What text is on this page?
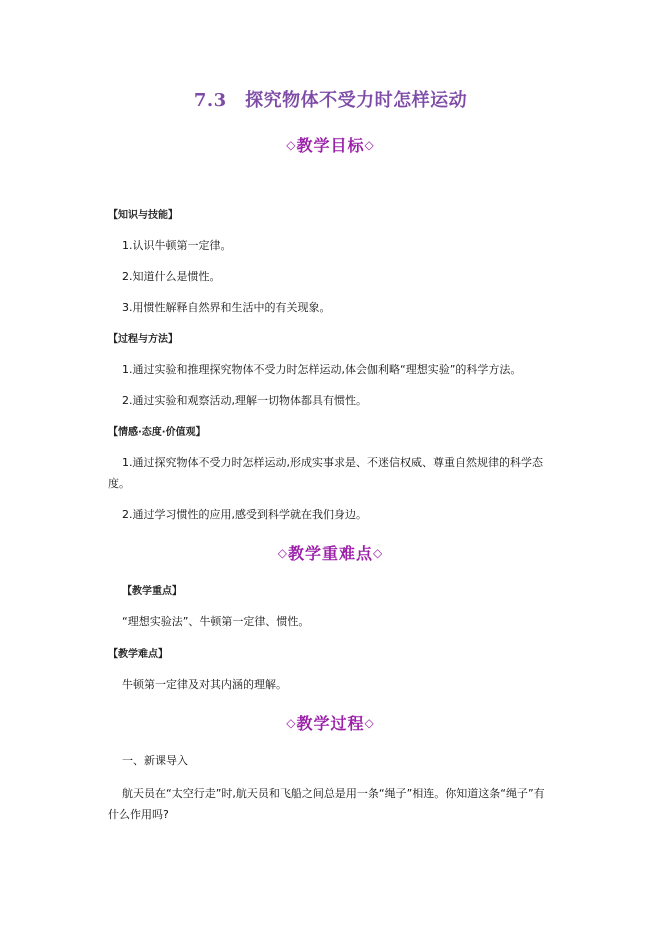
7.3　探究物体不受力时怎样运动
◇教学目标◇
【知识与技能】
1.认识牛顿第一定律。
2.知道什么是惯性。
3.用惯性解释自然界和生活中的有关现象。
【过程与方法】
1.通过实验和推理探究物体不受力时怎样运动,体会伽利略“理想实验”的科学方法。
2.通过实验和观察活动,理解一切物体都具有惯性。
【情感·态度·价值观】
1.通过探究物体不受力时怎样运动,形成实事求是、不迷信权威、尊重自然规律的科学态
度。
2.通过学习惯性的应用,感受到科学就在我们身边。
◇教学重难点◇
【教学重点】
“理想实验法”、牛顿第一定律、惯性。
【教学难点】
牛顿第一定律及对其内涵的理解。
◇教学过程◇
一、新课导入
航天员在“太空行走”时,航天员和飞船之间总是用一条“绳子”相连。你知道这条“绳子”有
什么作用吗?
